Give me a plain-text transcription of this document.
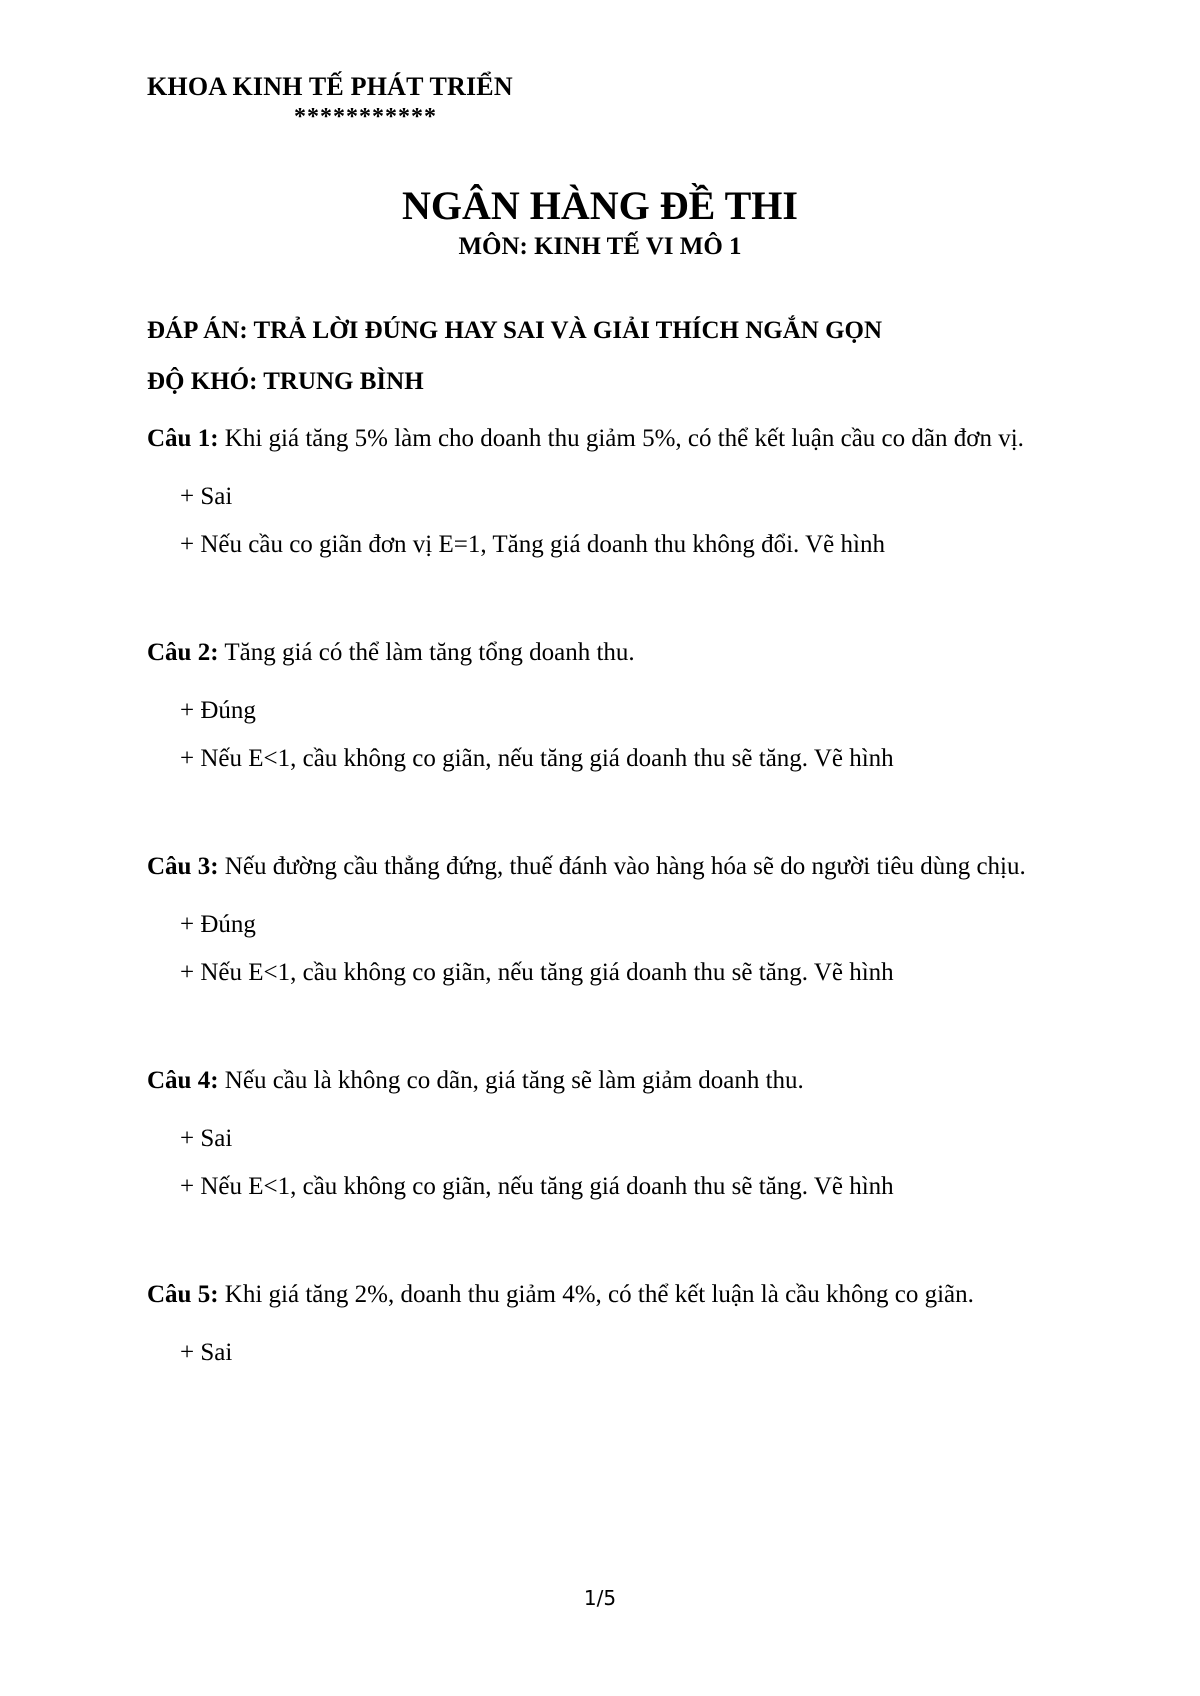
KHOA KINH TẾ PHÁT TRIỂN
***********
NGÂN HÀNG ĐỀ THI
MÔN: KINH TẾ VI MÔ 1
ĐÁP ÁN: TRẢ LỜI ĐÚNG HAY SAI VÀ GIẢI THÍCH NGẮN GỌN
ĐỘ KHÓ: TRUNG BÌNH

Câu 1: Khi giá tăng 5% làm cho doanh thu giảm 5%, có thể kết luận cầu co dãn đơn vị.

+ Sai

+ Nếu cầu co giãn đơn vị E=1, Tăng giá doanh thu không đổi. Vẽ hình

Câu 2: Tăng giá có thể làm tăng tổng doanh thu.

+ Đúng

+ Nếu E<1, cầu không co giãn, nếu tăng giá doanh thu sẽ tăng. Vẽ hình

Câu 3: Nếu đường cầu thẳng đứng, thuế đánh vào hàng hóa sẽ do người tiêu dùng chịu.

+ Đúng

+ Nếu E<1, cầu không co giãn, nếu tăng giá doanh thu sẽ tăng. Vẽ hình

Câu 4: Nếu cầu là không co dãn, giá tăng sẽ làm giảm doanh thu.

+ Sai

+ Nếu E<1, cầu không co giãn, nếu tăng giá doanh thu sẽ tăng. Vẽ hình

Câu 5: Khi giá tăng 2%, doanh thu giảm 4%, có thể kết luận là cầu không co giãn.

+ Sai

1/5
